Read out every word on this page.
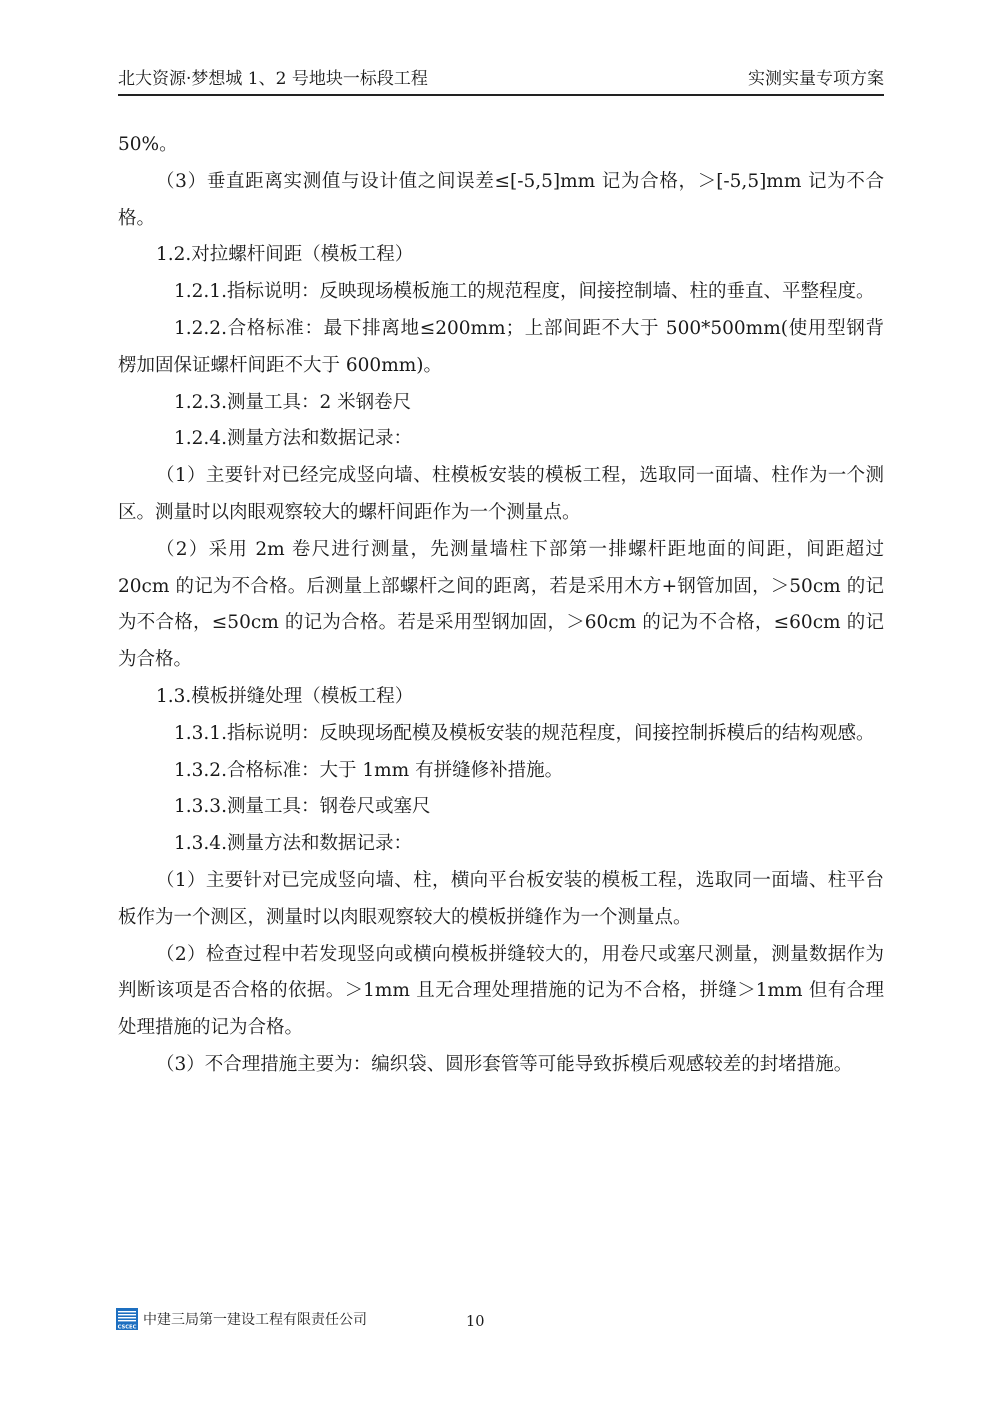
北大资源·梦想城 1、2 号地块一标段工程	实测实量专项方案

50%。

（3）垂直距离实测值与设计值之间误差≤[-5,5]mm 记为合格，＞[-5,5]mm 记为不合格。

1.2.对拉螺杆间距（模板工程）

1.2.1.指标说明：反映现场模板施工的规范程度，间接控制墙、柱的垂直、平整程度。

1.2.2.合格标准：最下排离地≤200mm；上部间距不大于 500*500mm(使用型钢背楞加固保证螺杆间距不大于 600mm)。

1.2.3.测量工具：2 米钢卷尺

1.2.4.测量方法和数据记录：

（1）主要针对已经完成竖向墙、柱模板安装的模板工程，选取同一面墙、柱作为一个测区。测量时以肉眼观察较大的螺杆间距作为一个测量点。

（2）采用 2m 卷尺进行测量，先测量墙柱下部第一排螺杆距地面的间距，间距超过 20cm 的记为不合格。后测量上部螺杆之间的距离，若是采用木方+钢管加固，＞50cm 的记为不合格，≤50cm 的记为合格。若是采用型钢加固，＞60cm 的记为不合格，≤60cm 的记为合格。

1.3.模板拼缝处理（模板工程）

1.3.1.指标说明：反映现场配模及模板安装的规范程度，间接控制拆模后的结构观感。

1.3.2.合格标准：大于 1mm 有拼缝修补措施。

1.3.3.测量工具：钢卷尺或塞尺

1.3.4.测量方法和数据记录：

（1）主要针对已完成竖向墙、柱，横向平台板安装的模板工程，选取同一面墙、柱平台板作为一个测区，测量时以肉眼观察较大的模板拼缝作为一个测量点。

（2）检查过程中若发现竖向或横向模板拼缝较大的，用卷尺或塞尺测量，测量数据作为判断该项是否合格的依据。＞1mm 且无合理处理措施的记为不合格，拼缝＞1mm 但有合理处理措施的记为合格。

（3）不合理措施主要为：编织袋、圆形套管等可能导致拆模后观感较差的封堵措施。

CSCEC 中建三局第一建设工程有限责任公司	10
